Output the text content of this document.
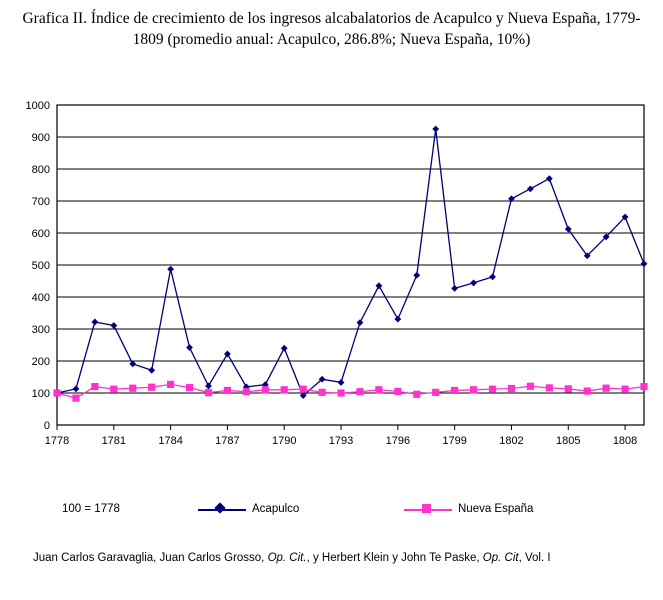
Grafica II. Índice de crecimiento de los ingresos alcabalatorios de Acapulco y Nueva España, 1779-1809 (promedio anual: Acapulco, 286.8%; Nueva España, 10%)
0
100
200
300
400
500
600
700
800
900
1000
1778	1781	1784	1787	1790	1793	1796	1799	1802	1805	1808
100 = 1778	Acapulco	Nueva España
Juan Carlos Garavaglia, Juan Carlos Grosso, Op. Cit., y Herbert Klein y John Te Paske, Op. Cit, Vol. I
